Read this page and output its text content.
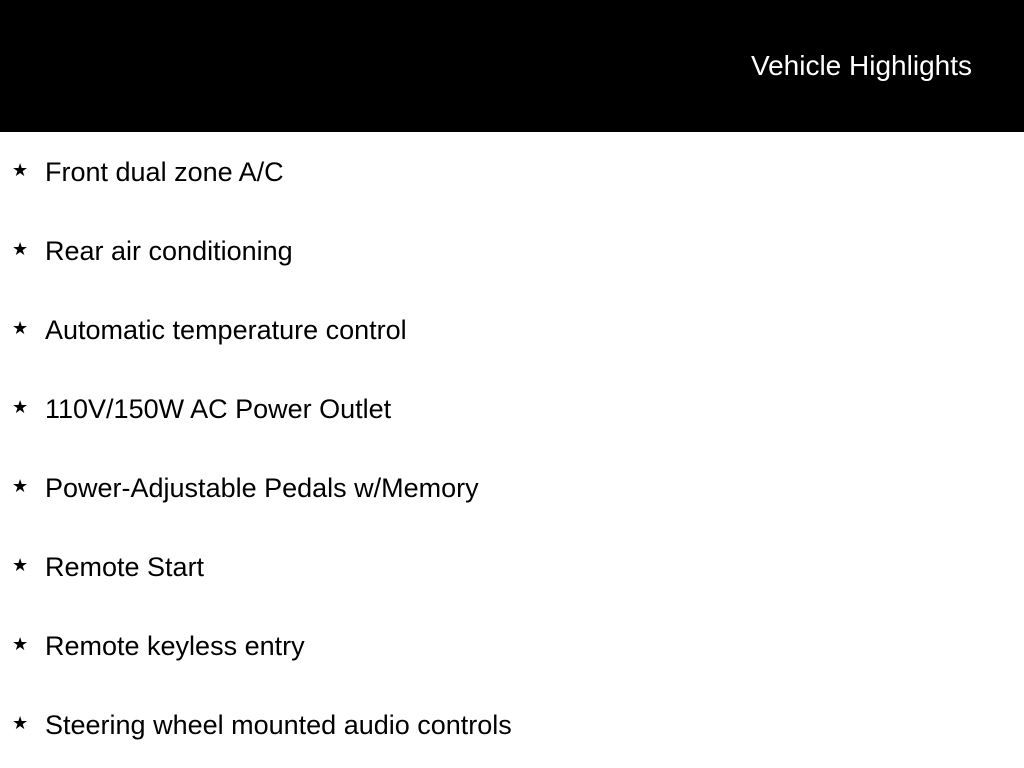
Vehicle Highlights
★ Front dual zone A/C
★ Rear air conditioning
★ Automatic temperature control
★ 110V/150W AC Power Outlet
★ Power-Adjustable Pedals w/Memory
★ Remote Start
★ Remote keyless entry
★ Steering wheel mounted audio controls
